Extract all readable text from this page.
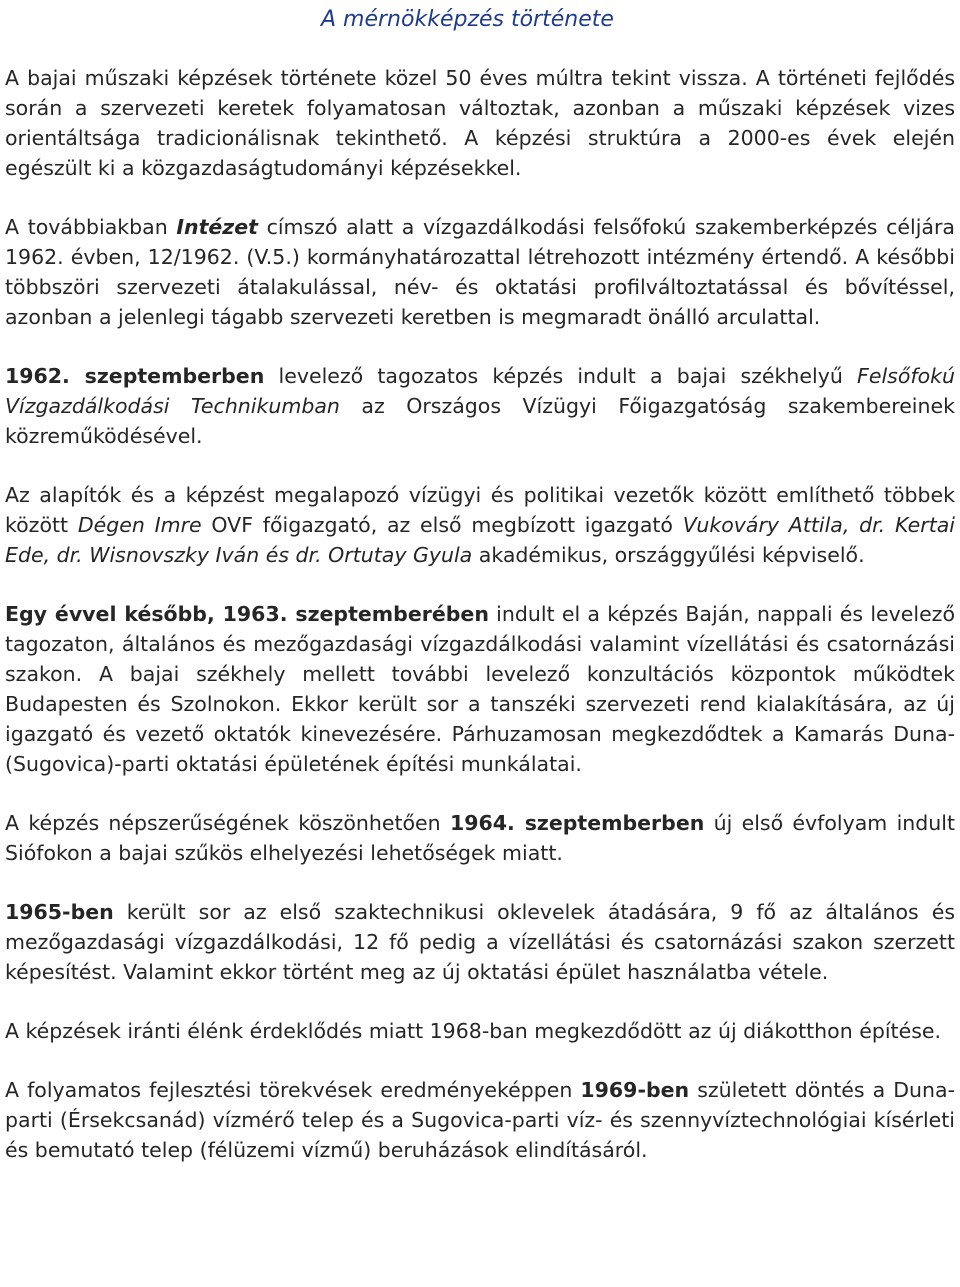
A mérnökképzés története

A bajai műszaki képzések története közel 50 éves múltra tekint vissza. A történeti fejlődés során a szervezeti keretek folyamatosan változtak, azonban a műszaki képzések vizes orientáltsága tradicionálisnak tekinthető. A képzési struktúra a 2000-es évek elején egészült ki a közgazdaságtudományi képzésekkel.

A továbbiakban Intézet címszó alatt a vízgazdálkodási felsőfokú szakemberképzés céljára 1962. évben, 12/1962. (V.5.) kormányhatározattal létrehozott intézmény értendő. A későbbi többszöri szervezeti átalakulással, név- és oktatási profilváltoztatással és bővítéssel, azonban a jelenlegi tágabb szervezeti keretben is megmaradt önálló arculattal.

1962. szeptemberben levelező tagozatos képzés indult a bajai székhelyű Felsőfokú Vízgazdálkodási Technikumban az Országos Vízügyi Főigazgatóság szakembereinek közreműködésével.

Az alapítók és a képzést megalapozó vízügyi és politikai vezetők között említhető többek között Dégen Imre OVF főigazgató, az első megbízott igazgató Vukováry Attila, dr. Kertai Ede, dr. Wisnovszky Iván és dr. Ortutay Gyula akadémikus, országgyűlési képviselő.

Egy évvel később, 1963. szeptemberében indult el a képzés Baján, nappali és levelező tagozaton, általános és mezőgazdasági vízgazdálkodási valamint vízellátási és csatornázási szakon. A bajai székhely mellett további levelező konzultációs központok működtek Budapesten és Szolnokon. Ekkor került sor a tanszéki szervezeti rend kialakítására, az új igazgató és vezető oktatók kinevezésére. Párhuzamosan megkezdődtek a Kamarás Duna- (Sugovica)-parti oktatási épületének építési munkálatai.

A képzés népszerűségének köszönhetően 1964. szeptemberben új első évfolyam indult Siófokon a bajai szűkös elhelyezési lehetőségek miatt.

1965-ben került sor az első szaktechnikusi oklevelek átadására, 9 fő az általános és mezőgazdasági vízgazdálkodási, 12 fő pedig a vízellátási és csatornázási szakon szerzett képesítést. Valamint ekkor történt meg az új oktatási épület használatba vétele.

A képzések iránti élénk érdeklődés miatt 1968-ban megkezdődött az új diákotthon építése.

A folyamatos fejlesztési törekvések eredményeképpen 1969-ben született döntés a Duna-parti (Érsekcsanád) vízmérő telep és a Sugovica-parti víz- és szennyvíztechnológiai kísérleti és bemutató telep (félüzemi vízmű) beruházások elindításáról.
